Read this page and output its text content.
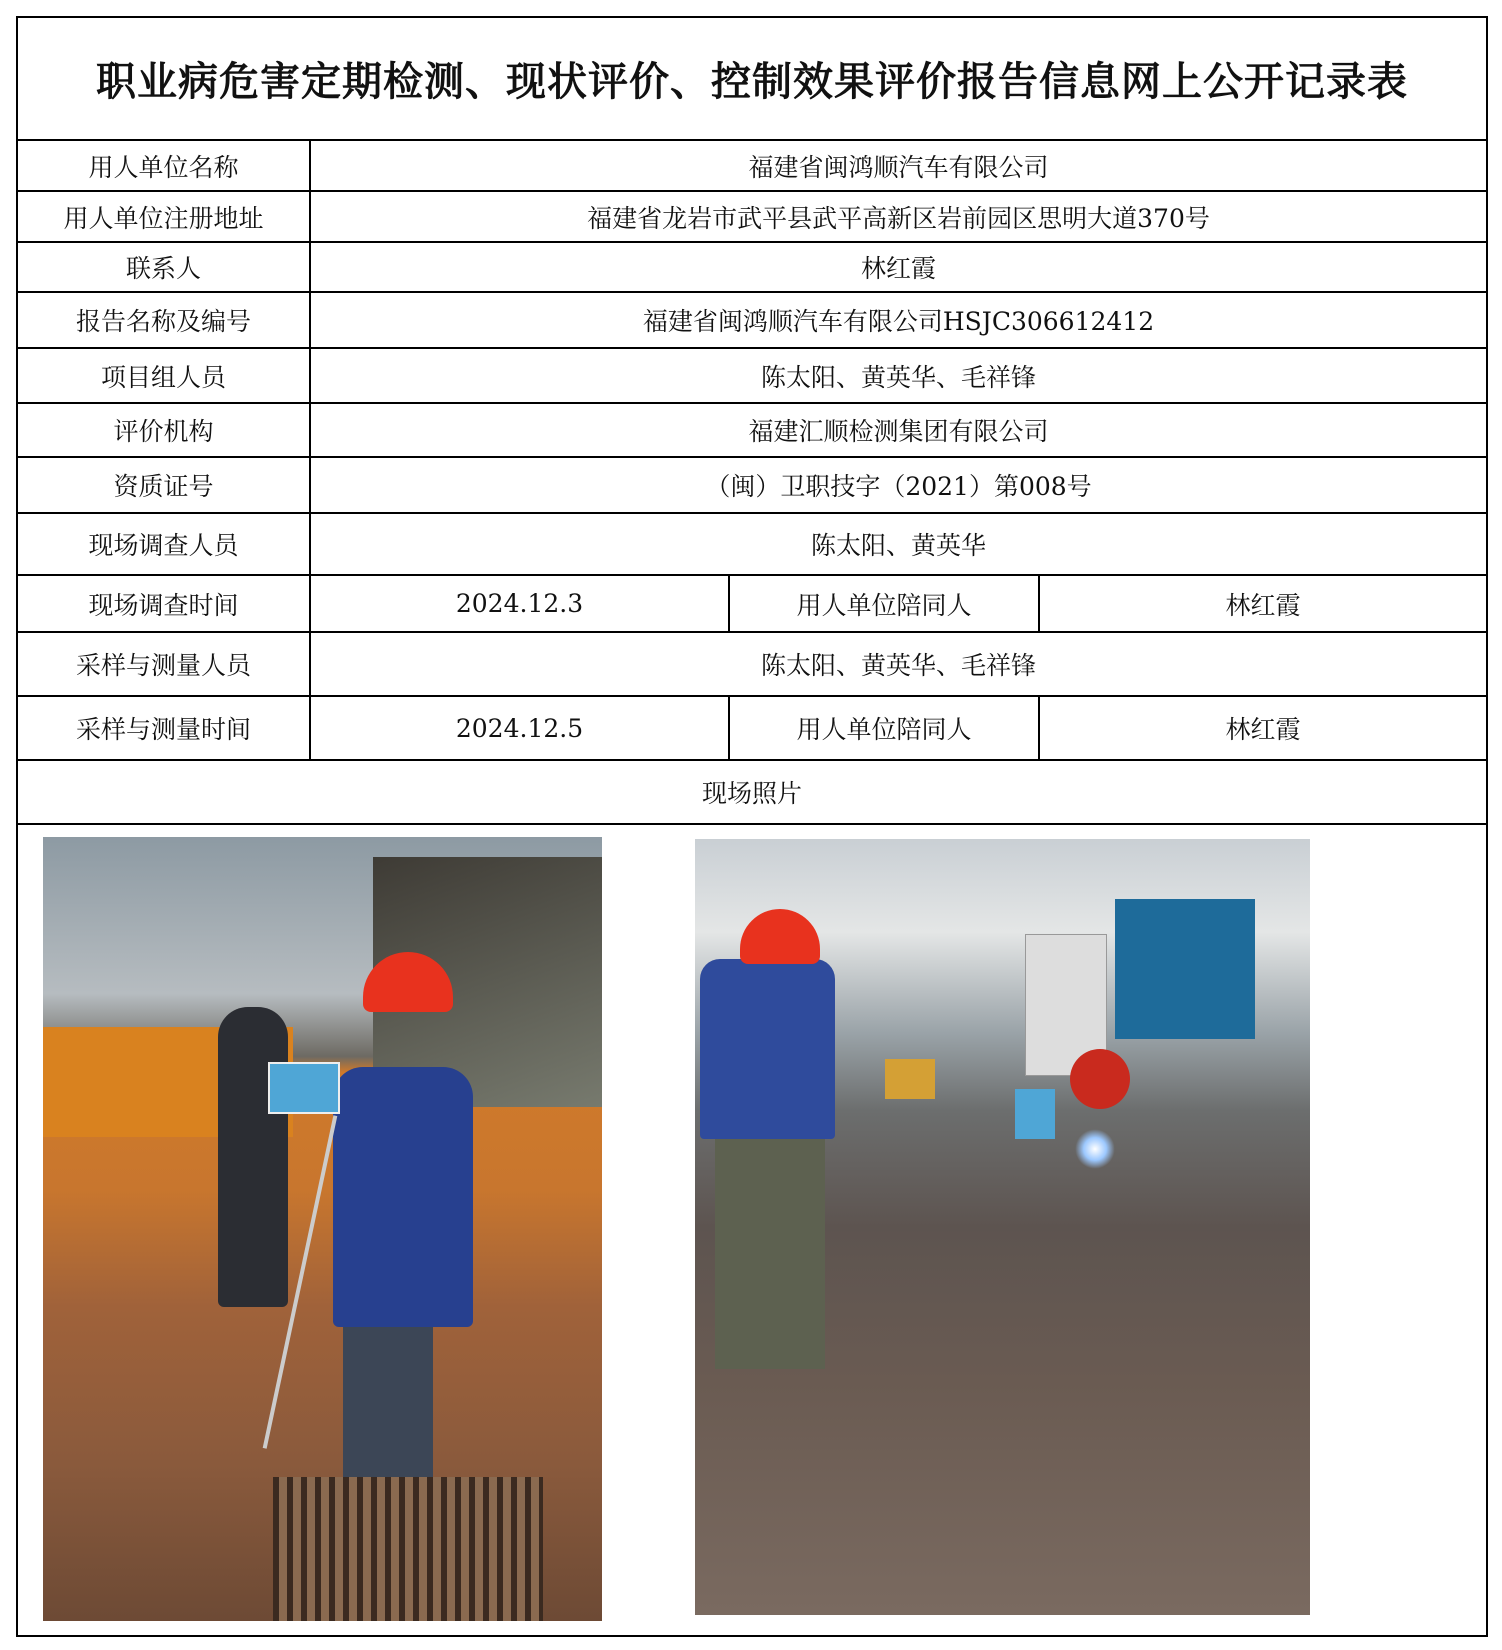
职业病危害定期检测、现状评价、控制效果评价报告信息网上公开记录表			
用人单位名称	福建省闽鸿顺汽车有限公司		
用人单位注册地址	福建省龙岩市武平县武平高新区岩前园区思明大道370号		
联系人	林红霞		
报告名称及编号	福建省闽鸿顺汽车有限公司HSJC306612412		
项目组人员	陈太阳、黄英华、毛祥锋		
评价机构	福建汇顺检测集团有限公司		
资质证号	（闽）卫职技字（2021）第008号		
现场调查人员	陈太阳、黄英华		
现场调查时间	2024.12.3	用人单位陪同人	林红霞
采样与测量人员	陈太阳、黄英华、毛祥锋		
采样与测量时间	2024.12.5	用人单位陪同人	林红霞
现场照片			
